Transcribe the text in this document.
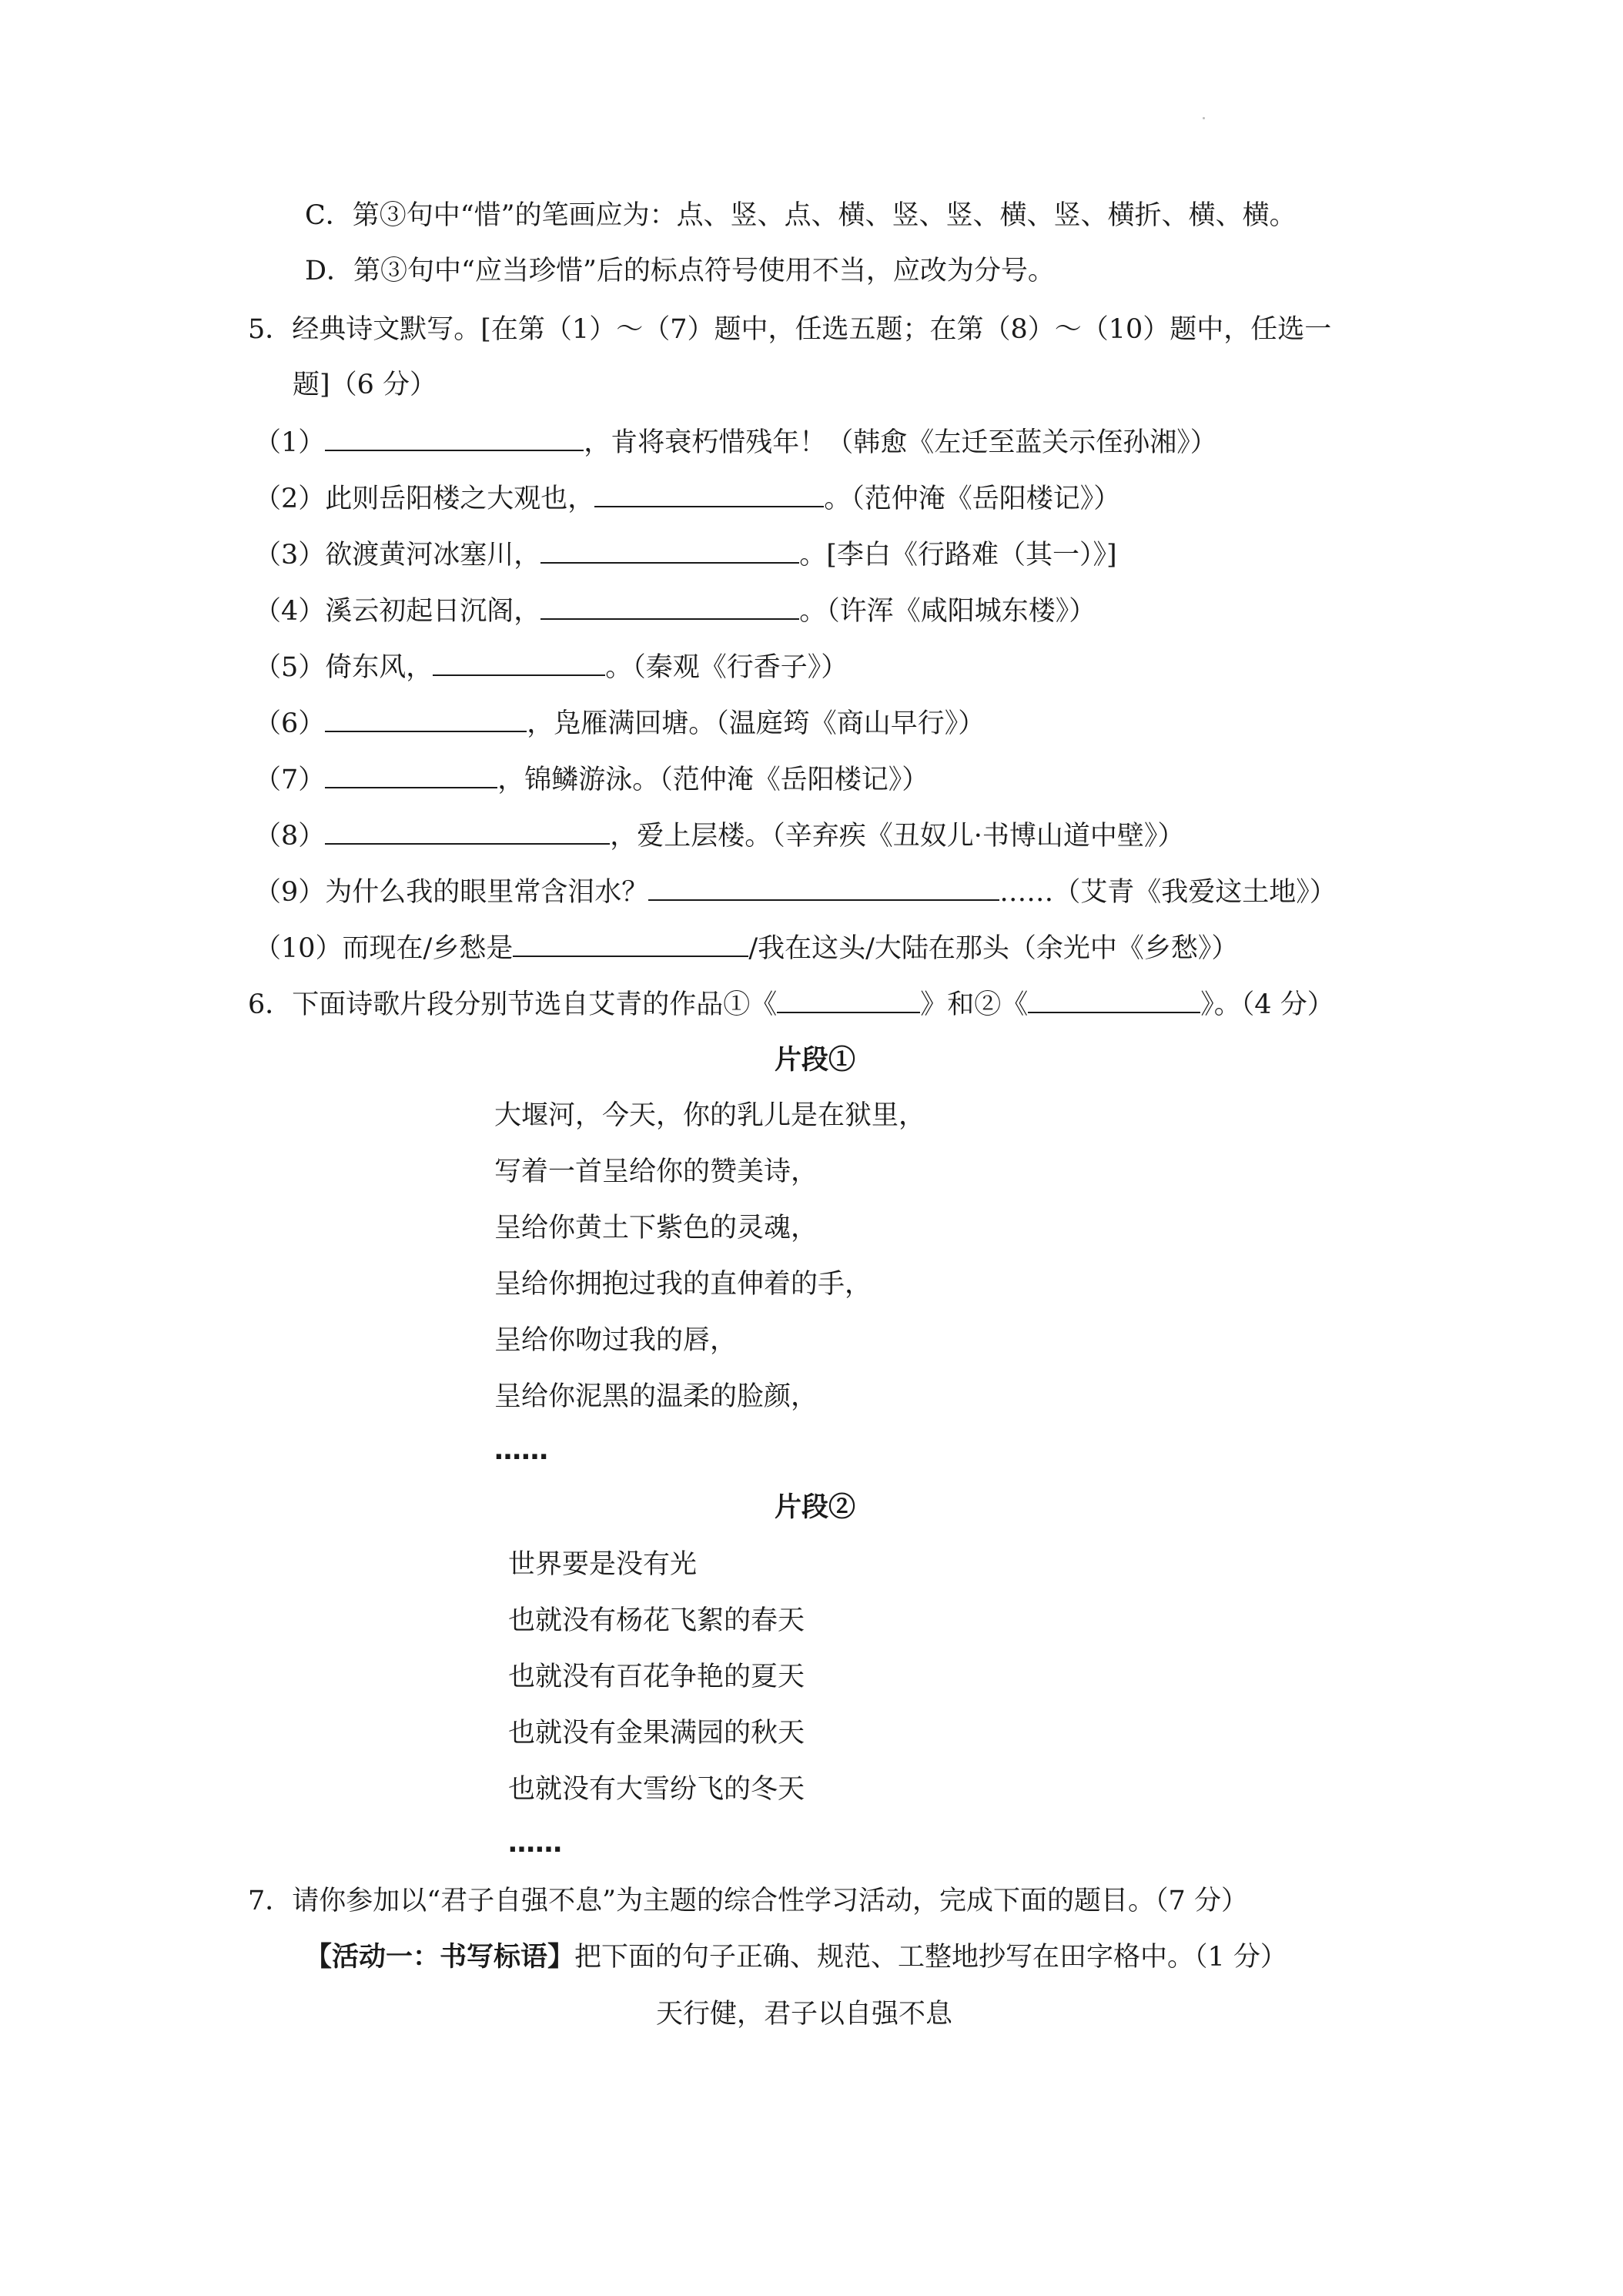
C．第③句中“惜”的笔画应为：点、竖、点、横、竖、竖、横、竖、横折、横、横。
D．第③句中“应当珍惜”后的标点符号使用不当，应改为分号。
5．经典诗文默写。[在第（1）～（7）题中，任选五题；在第（8）～（10）题中，任选一
题]（6 分）
（1）	，肯将衰朽惜残年！（韩愈《左迁至蓝关示侄孙湘》）
（2）此则岳阳楼之大观也，	。（范仲淹《岳阳楼记》）
（3）欲渡黄河冰塞川，	。[李白《行路难（其一）》]
（4）溪云初起日沉阁，	。（许浑《咸阳城东楼》）
（5）倚东风，	。（秦观《行香子》）
（6）	，凫雁满回塘。（温庭筠《商山早行》）
（7）	，锦鳞游泳。（范仲淹《岳阳楼记》）
（8）	，爱上层楼。（辛弃疾《丑奴儿·书博山道中壁》）
（9）为什么我的眼里常含泪水？	……（艾青《我爱这土地》）
（10）而现在/乡愁是	/我在这头/大陆在那头（余光中《乡愁》）
6．下面诗歌片段分别节选自艾青的作品①《	》和②《	》。（4 分）
片段①
大堰河，今天，你的乳儿是在狱里，
写着一首呈给你的赞美诗，
呈给你黄土下紫色的灵魂，
呈给你拥抱过我的直伸着的手，
呈给你吻过我的唇，
呈给你泥黑的温柔的脸颜，
……
片段②
世界要是没有光
也就没有杨花飞絮的春天
也就没有百花争艳的夏天
也就没有金果满园的秋天
也就没有大雪纷飞的冬天
……
7．请你参加以“君子自强不息”为主题的综合性学习活动，完成下面的题目。（7 分）
【活动一：书写标语】把下面的句子正确、规范、工整地抄写在田字格中。（1 分）
天行健，君子以自强不息
